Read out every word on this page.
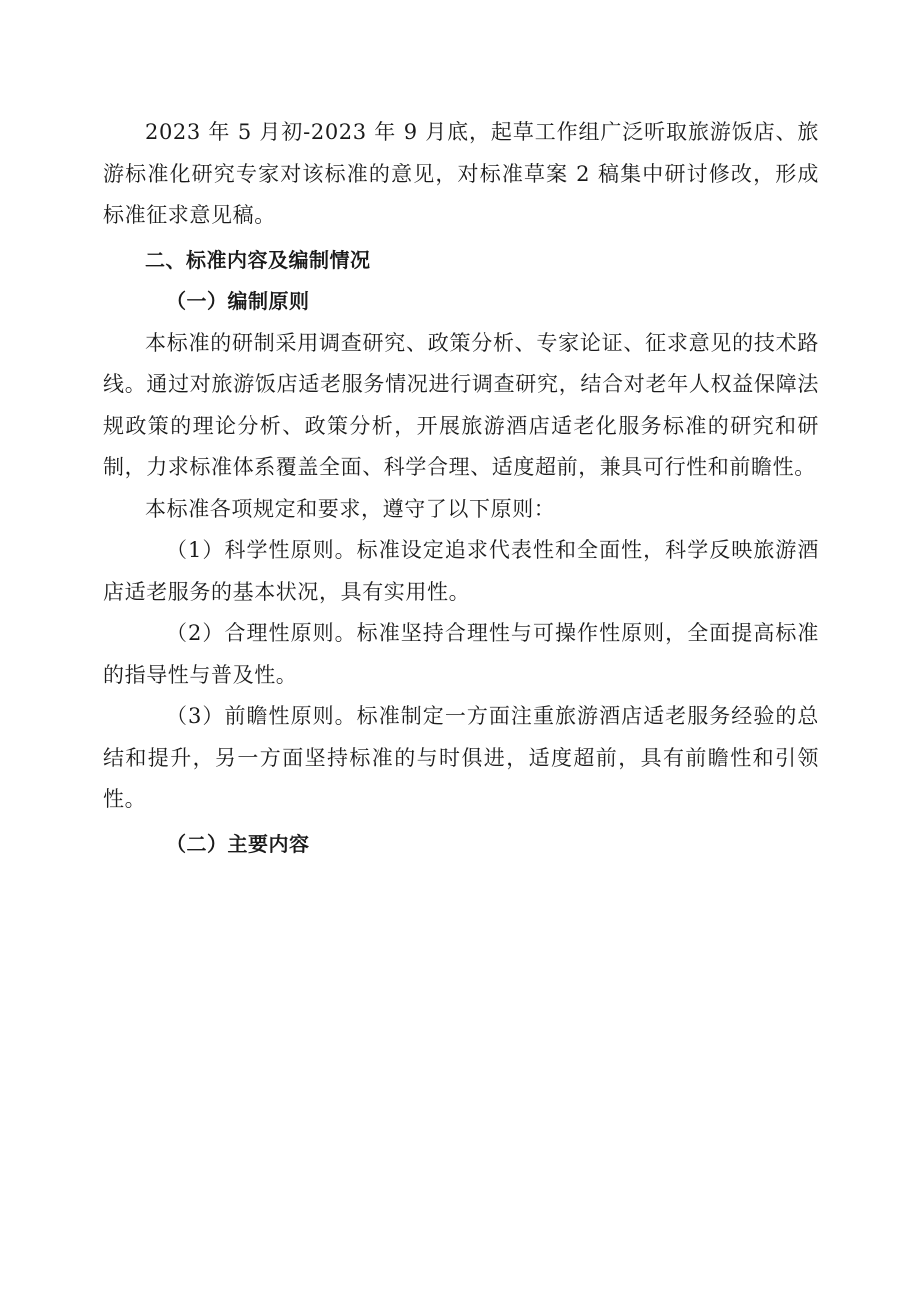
2023 年 5 月初-2023 年 9 月底，起草工作组广泛听取旅游饭店、旅游标准化研究专家对该标准的意见，对标准草案 2 稿集中研讨修改，形成标准征求意见稿。

二、标准内容及编制情况

（一）编制原则

本标准的研制采用调查研究、政策分析、专家论证、征求意见的技术路线。通过对旅游饭店适老服务情况进行调查研究，结合对老年人权益保障法规政策的理论分析、政策分析，开展旅游酒店适老化服务标准的研究和研制，力求标准体系覆盖全面、科学合理、适度超前，兼具可行性和前瞻性。

本标准各项规定和要求，遵守了以下原则：

（1）科学性原则。标准设定追求代表性和全面性，科学反映旅游酒店适老服务的基本状况，具有实用性。

（2）合理性原则。标准坚持合理性与可操作性原则，全面提高标准的指导性与普及性。

（3）前瞻性原则。标准制定一方面注重旅游酒店适老服务经验的总结和提升，另一方面坚持标准的与时俱进，适度超前，具有前瞻性和引领性。

（二）主要内容
